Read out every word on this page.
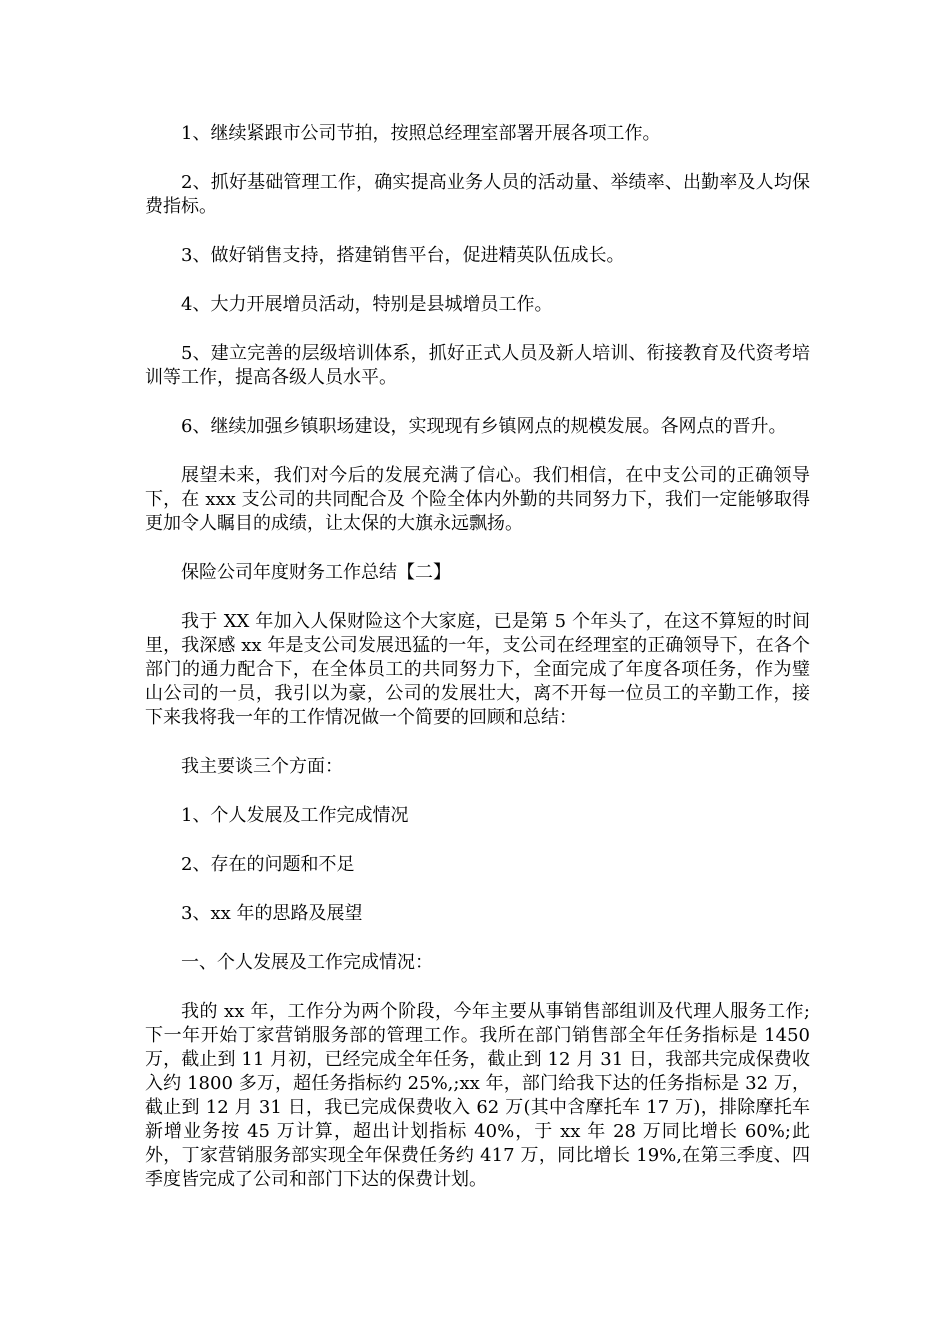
1、继续紧跟市公司节拍，按照总经理室部署开展各项工作。

2、抓好基础管理工作，确实提高业务人员的活动量、举绩率、出勤率及人均保费指标。

3、做好销售支持，搭建销售平台，促进精英队伍成长。

4、大力开展增员活动，特别是县城增员工作。

5、建立完善的层级培训体系，抓好正式人员及新人培训、衔接教育及代资考培训等工作，提高各级人员水平。

6、继续加强乡镇职场建设，实现现有乡镇网点的规模发展。各网点的晋升。

展望未来，我们对今后的发展充满了信心。我们相信，在中支公司的正确领导下，在 xxx 支公司的共同配合及 个险全体内外勤的共同努力下，我们一定能够取得更加令人瞩目的成绩，让太保的大旗永远飘扬。

保险公司年度财务工作总结【二】

我于 XX 年加入人保财险这个大家庭，已是第 5 个年头了，在这不算短的时间里，我深感 xx 年是支公司发展迅猛的一年，支公司在经理室的正确领导下，在各个部门的通力配合下，在全体员工的共同努力下，全面完成了年度各项任务，作为璧山公司的一员，我引以为豪，公司的发展壮大，离不开每一位员工的辛勤工作，接下来我将我一年的工作情况做一个简要的回顾和总结：

我主要谈三个方面：

1、个人发展及工作完成情况

2、存在的问题和不足

3、xx 年的思路及展望

一、个人发展及工作完成情况：

我的 xx 年，工作分为两个阶段，今年主要从事销售部组训及代理人服务工作;下一年开始丁家营销服务部的管理工作。我所在部门销售部全年任务指标是 1450 万，截止到 11 月初，已经完成全年任务，截止到 12 月 31 日，我部共完成保费收入约 1800 多万，超任务指标约 25%,;xx 年，部门给我下达的任务指标是 32 万，截止到 12 月 31 日，我已完成保费收入 62 万(其中含摩托车 17 万)，排除摩托车新增业务按 45 万计算，超出计划指标 40%，于 xx 年 28 万同比增长 60%;此外，丁家营销服务部实现全年保费任务约 417 万，同比增长 19%,在第三季度、四季度皆完成了公司和部门下达的保费计划。
